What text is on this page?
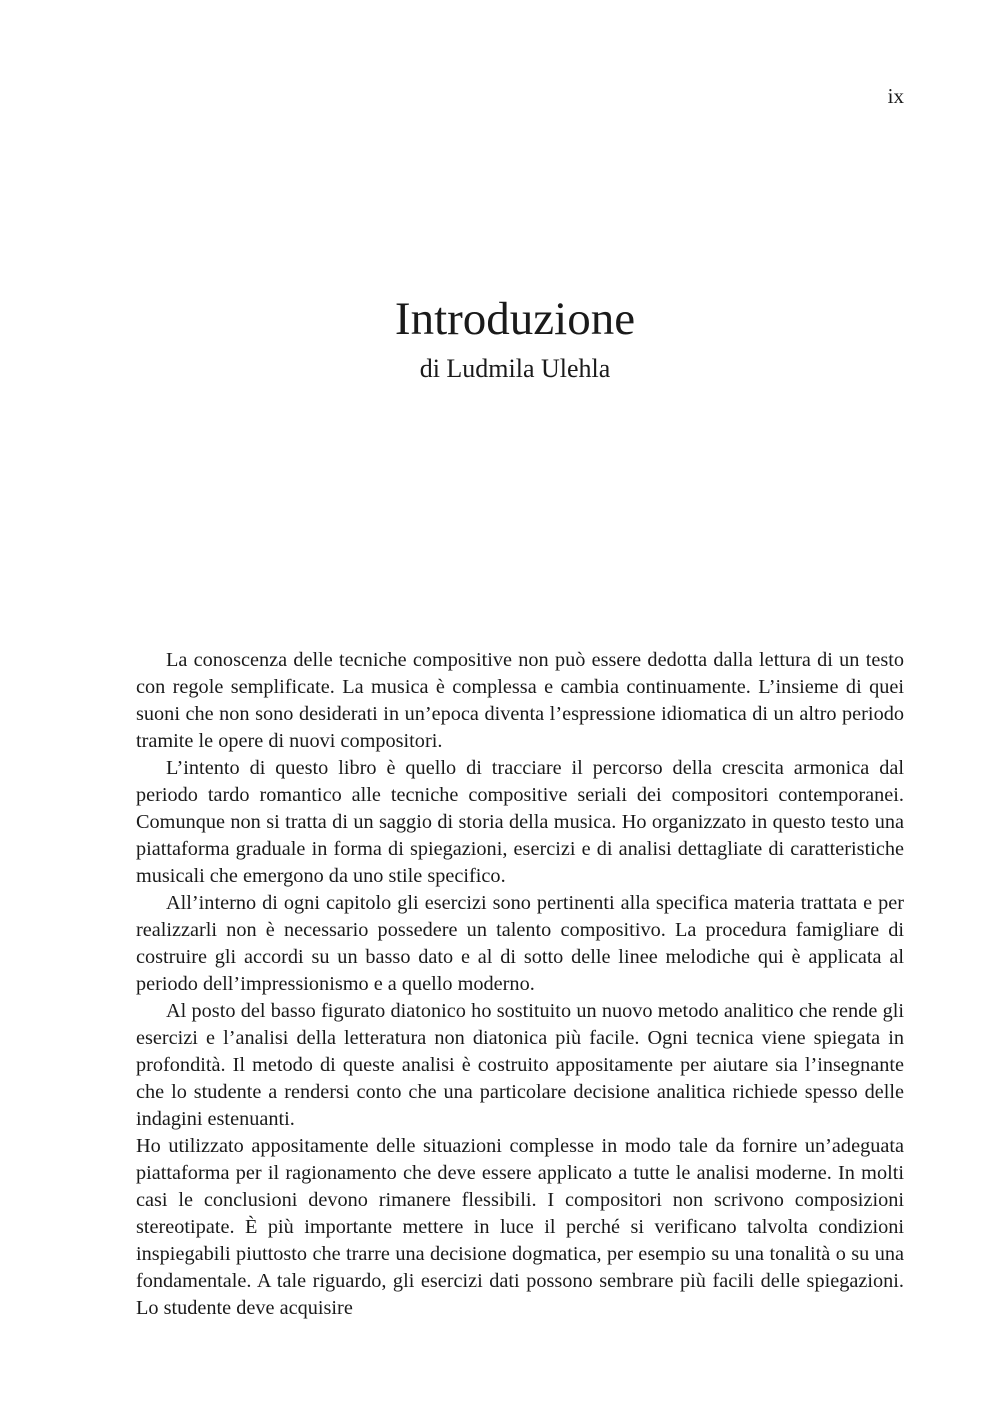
ix
Introduzione
di Ludmila Ulehla

La conoscenza delle tecniche compositive non può essere dedotta dalla lettura di un testo con regole semplificate. La musica è complessa e cambia continuamente. L’insieme di quei suoni che non sono desiderati in un’epoca diventa l’espressione idiomatica di un altro periodo tramite le opere di nuovi compositori.

L’intento di questo libro è quello di tracciare il percorso della crescita armonica dal periodo tardo romantico alle tecniche compositive seriali dei compositori contemporanei. Comunque non si tratta di un saggio di storia della musica. Ho organizzato in questo testo una piattaforma graduale in forma di spiegazioni, esercizi e di analisi dettagliate di caratteristiche musicali che emergono da uno stile specifico.

All’interno di ogni capitolo gli esercizi sono pertinenti alla specifica materia trattata e per realizzarli non è necessario possedere un talento compositivo. La procedura famigliare di costruire gli accordi su un basso dato e al di sotto delle linee melodiche qui è applicata al periodo dell’impressionismo e a quello moderno.

Al posto del basso figurato diatonico ho sostituito un nuovo metodo analitico che rende gli esercizi e l’analisi della letteratura non diatonica più facile. Ogni tecnica viene spiegata in profondità. Il metodo di queste analisi è costruito appositamente per aiutare sia l’insegnante che lo studente a rendersi conto che una particolare decisione analitica richiede spesso delle indagini estenuanti.

Ho utilizzato appositamente delle situazioni complesse in modo tale da fornire un’adeguata piattaforma per il ragionamento che deve essere applicato a tutte le analisi moderne. In molti casi le conclusioni devono rimanere flessibili. I compositori non scrivono composizioni stereotipate. È più importante mettere in luce il perché si verificano talvolta condizioni inspiegabili piuttosto che trarre una decisione dogmatica, per esempio su una tonalità o su una fondamentale. A tale riguardo, gli esercizi dati possono sembrare più facili delle spiegazioni. Lo studente deve acquisire
